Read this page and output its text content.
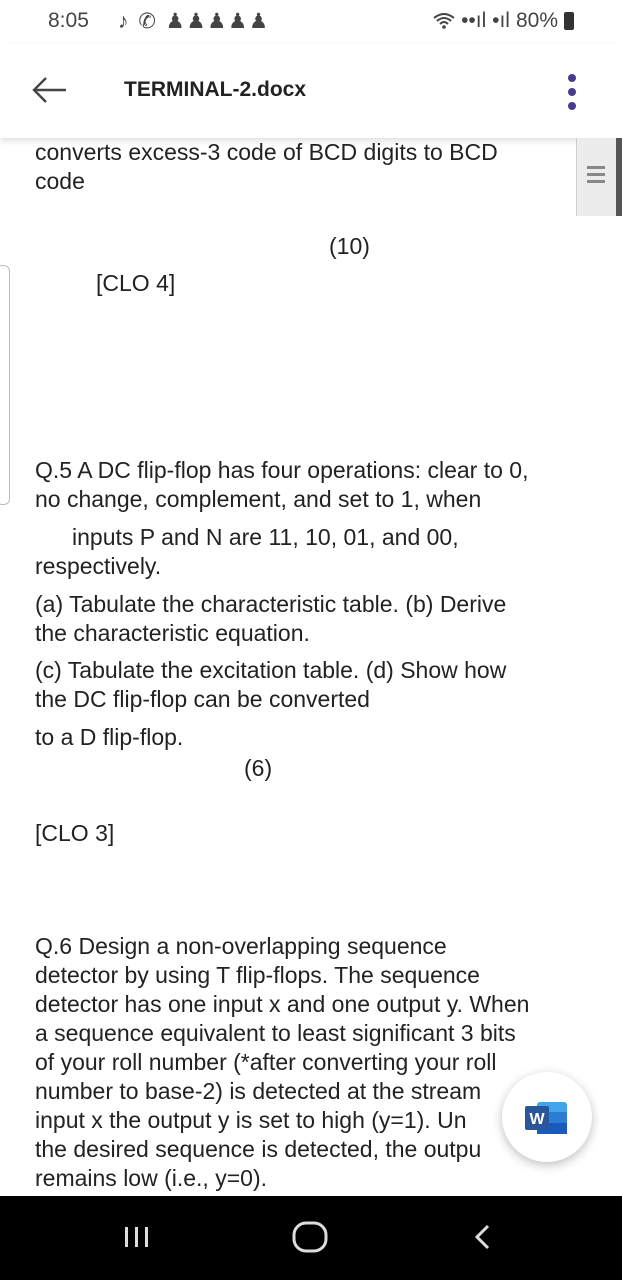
8:05 ♪ ✆ ♟♟♟♟♟	••ıl •ıl 80%
TERMINAL-2.docx
converts excess-3 code of BCD digits to BCD
code
(10)
[CLO 4]
Q.5 A DC flip-flop has four operations: clear to 0,
no change, complement, and set to 1, when
inputs P and N are 11, 10, 01, and 00,
respectively.
(a) Tabulate the characteristic table. (b) Derive
the characteristic equation.
(c) Tabulate the excitation table. (d) Show how
the DC flip-flop can be converted
to a D flip-flop.
(6)
[CLO 3]
Q.6 Design a non-overlapping sequence
detector by using T flip-flops. The sequence
detector has one input x and one output y. When
a sequence equivalent to least significant 3 bits
of your roll number (*after converting your roll
number to base-2) is detected at the stream
input x the output y is set to high (y=1). Un
the desired sequence is detected, the outpu
remains low (i.e., y=0).
W
